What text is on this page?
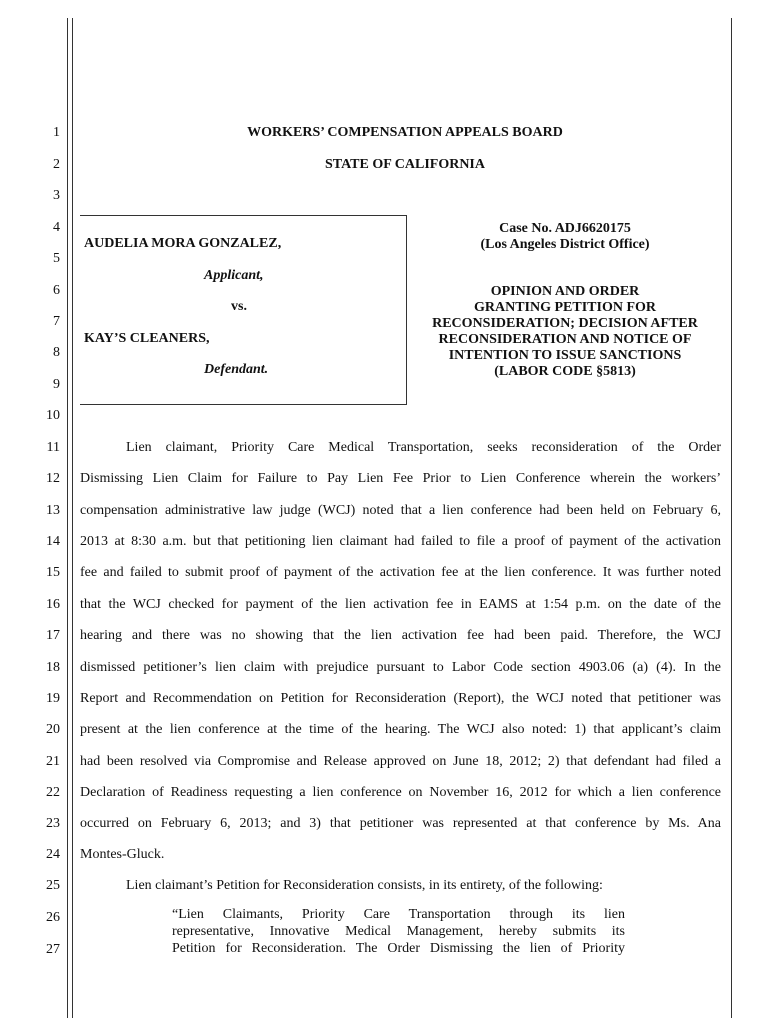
1
2
3
4
5
6
7
8
9
10
11
12
13
14
15
16
17
18
19
20
21
22
23
24
25
26
27
WORKERS’ COMPENSATION APPEALS BOARD
STATE OF CALIFORNIA
AUDELIA MORA GONZALEZ,
Applicant,
vs.
KAY’S CLEANERS,
Defendant.
Case No. ADJ6620175
(Los Angeles District Office)
OPINION AND ORDER
GRANTING PETITION FOR
RECONSIDERATION; DECISION AFTER
RECONSIDERATION AND NOTICE OF
INTENTION TO ISSUE SANCTIONS
(LABOR CODE §5813)
Lien claimant, Priority Care Medical Transportation, seeks reconsideration of the Order
Dismissing Lien Claim for Failure to Pay Lien Fee Prior to Lien Conference wherein the workers’
compensation administrative law judge (WCJ) noted that a lien conference had been held on February 6,
2013 at 8:30 a.m. but that petitioning lien claimant had failed to file a proof of payment of the activation
fee and failed to submit proof of payment of the activation fee at the lien conference. It was further noted
that the WCJ checked for payment of the lien activation fee in EAMS at 1:54 p.m. on the date of the
hearing and there was no showing that the lien activation fee had been paid. Therefore, the WCJ
dismissed petitioner’s lien claim with prejudice pursuant to Labor Code section 4903.06 (a) (4). In the
Report and Recommendation on Petition for Reconsideration (Report), the WCJ noted that petitioner was
present at the lien conference at the time of the hearing. The WCJ also noted: 1) that applicant’s claim
had been resolved via Compromise and Release approved on June 18, 2012; 2) that defendant had filed a
Declaration of Readiness requesting a lien conference on November 16, 2012 for which a lien conference
occurred on February 6, 2013; and 3) that petitioner was represented at that conference by Ms. Ana
Montes-Gluck.
Lien claimant’s Petition for Reconsideration consists, in its entirety, of the following:
“Lien Claimants, Priority Care Transportation through its lien
representative, Innovative Medical Management, hereby submits its
Petition for Reconsideration. The Order Dismissing the lien of Priority
